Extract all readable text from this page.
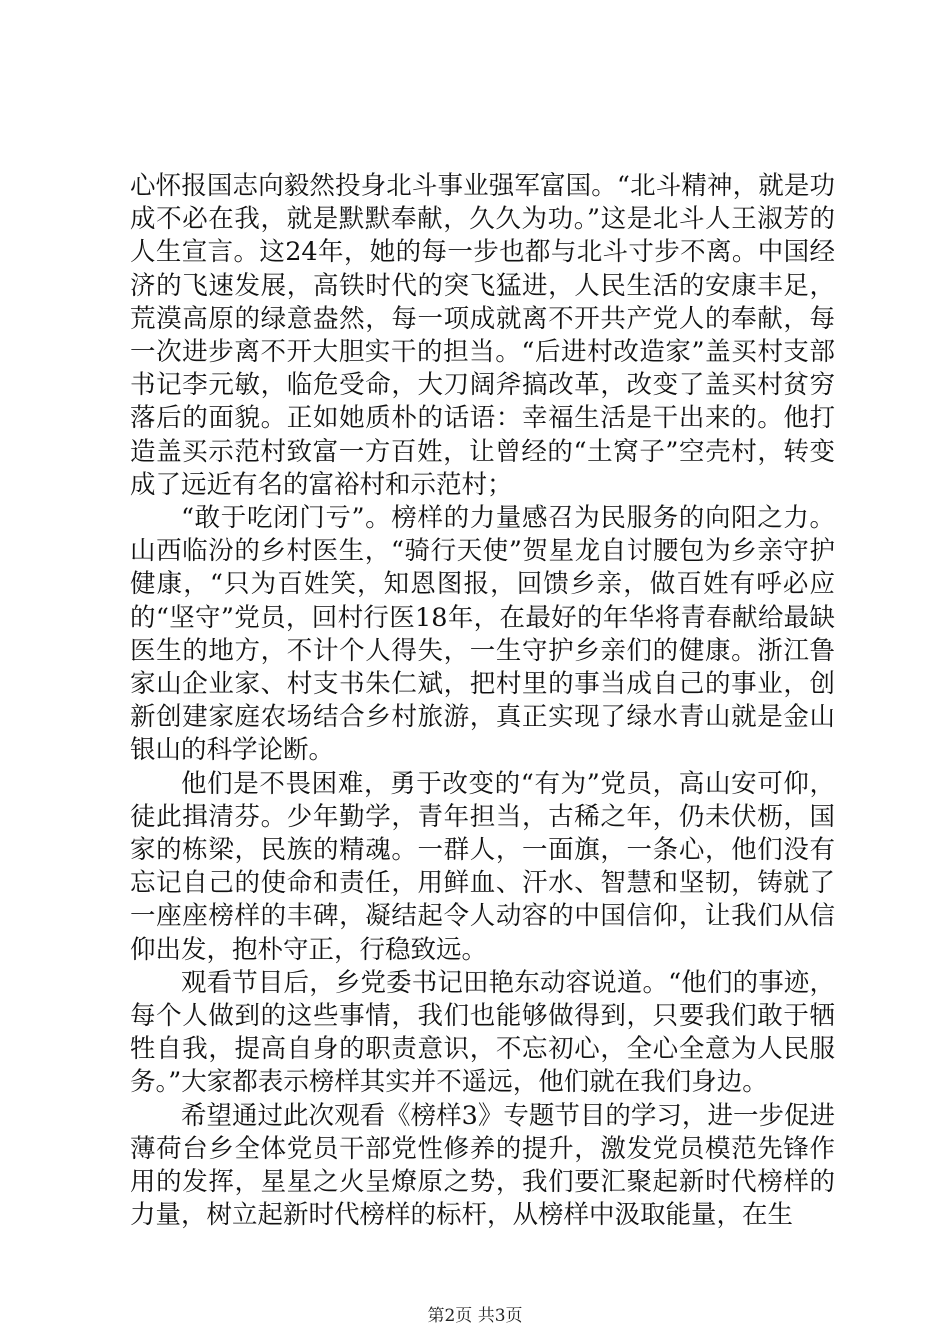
心怀报国志向毅然投身北斗事业强军富国。“北斗精神，就是功成不必在我，就是默默奉献，久久为功。”这是北斗人王淑芳的人生宣言。这24年，她的每一步也都与北斗寸步不离。中国经济的飞速发展，高铁时代的突飞猛进，人民生活的安康丰足，荒漠高原的绿意盎然，每一项成就离不开共产党人的奉献，每一次进步离不开大胆实干的担当。“后进村改造家”盖买村支部书记李元敏，临危受命，大刀阔斧搞改革，改变了盖买村贫穷落后的面貌。正如她质朴的话语：幸福生活是干出来的。他打造盖买示范村致富一方百姓，让曾经的“土窝子”空壳村，转变成了远近有名的富裕村和示范村；

“敢于吃闭门亏”。榜样的力量感召为民服务的向阳之力。山西临汾的乡村医生，“骑行天使”贺星龙自讨腰包为乡亲守护健康，“只为百姓笑，知恩图报，回馈乡亲，做百姓有呼必应的“坚守”党员，回村行医18年，在最好的年华将青春献给最缺医生的地方，不计个人得失，一生守护乡亲们的健康。浙江鲁家山企业家、村支书朱仁斌，把村里的事当成自己的事业，创新创建家庭农场结合乡村旅游，真正实现了绿水青山就是金山银山的科学论断。

他们是不畏困难，勇于改变的“有为”党员，高山安可仰，徒此揖清芬。少年勤学，青年担当，古稀之年，仍未伏枥，国家的栋梁，民族的精魂。一群人，一面旗，一条心，他们没有忘记自己的使命和责任，用鲜血、汗水、智慧和坚韧，铸就了一座座榜样的丰碑，凝结起令人动容的中国信仰，让我们从信仰出发，抱朴守正，行稳致远。

观看节目后，乡党委书记田艳东动容说道。“他们的事迹，每个人做到的这些事情，我们也能够做得到，只要我们敢于牺牲自我，提高自身的职责意识，不忘初心，全心全意为人民服务。”大家都表示榜样其实并不遥远，他们就在我们身边。

希望通过此次观看《榜样3》专题节目的学习，进一步促进薄荷台乡全体党员干部党性修养的提升，激发党员模范先锋作用的发挥，星星之火呈燎原之势，我们要汇聚起新时代榜样的力量，树立起新时代榜样的标杆，从榜样中汲取能量，在生

第2页 共3页
